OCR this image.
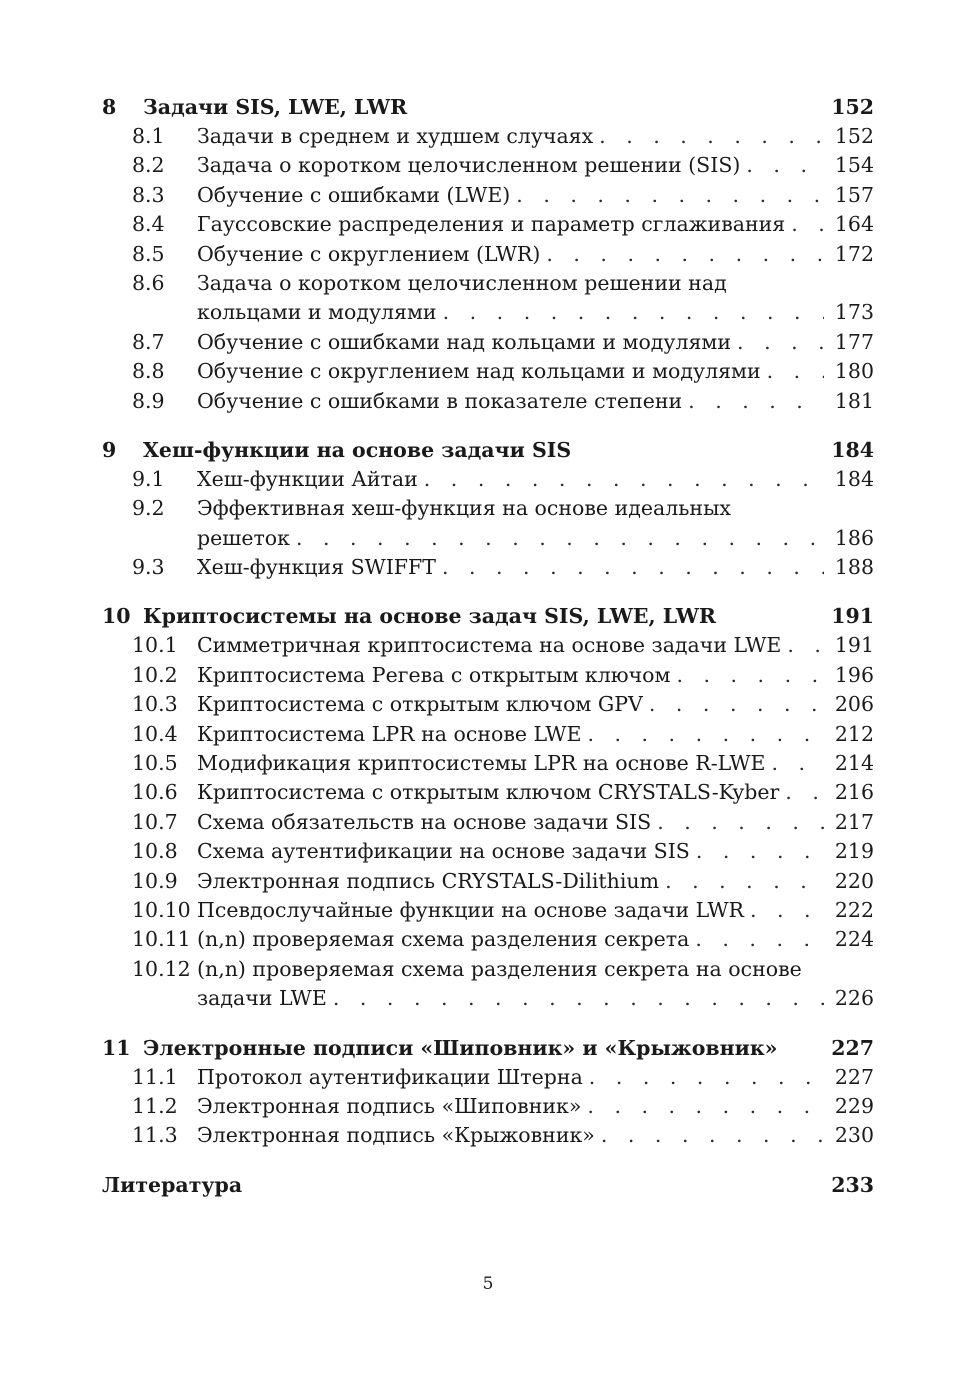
8	Задачи SIS, LWE, LWR	152
8.1	Задачи в среднем и худшем случаях . . .	152
8.2	Задача о коротком целочисленном решении (SIS) . . .	154
8.3	Обучение с ошибками (LWE) . . .	157
8.4	Гауссовские распределения и параметр сглаживания . . .	164
8.5	Обучение с округлением (LWR) . . .	172
8.6	Задача о коротком целочисленном решении над
кольцами и модулями . . .	173
8.7	Обучение с ошибками над кольцами и модулями . . .	177
8.8	Обучение с округлением над кольцами и модулями . . .	180
8.9	Обучение с ошибками в показателе степени . . .	181
9	Хеш-функции на основе задачи SIS	184
9.1	Хеш-функции Айтаи . . .	184
9.2	Эффективная хеш-функция на основе идеальных
решеток . . .	186
9.3	Хеш-функция SWIFFT . . .	188
10 Криптосистемы на основе задач SIS, LWE, LWR	191
10.1 Симметричная криптосистема на основе задачи LWE . . .	191
10.2 Криптосистема Регева с открытым ключом . . .	196
10.3 Криптосистема с открытым ключом GPV . . .	206
10.4 Криптосистема LPR на основе LWE . . .	212
10.5 Модификация криптосистемы LPR на основе R-LWE . . .	214
10.6 Криптосистема с открытым ключом CRYSTALS-Kyber . . .	216
10.7 Схема обязательств на основе задачи SIS . . .	217
10.8 Схема аутентификации на основе задачи SIS . . .	219
10.9 Электронная подпись CRYSTALS-Dilithium . . .	220
10.10 Псевдослучайные функции на основе задачи LWR . . .	222
10.11 (n,n) проверяемая схема разделения секрета . . .	224
10.12 (n,n) проверяемая схема разделения секрета на основе
задачи LWE . . .	226
11 Электронные подписи «Шиповник» и «Крыжовник»	227
11.1 Протокол аутентификации Штерна . . .	227
11.2 Электронная подпись «Шиповник» . . .	229
11.3 Электронная подпись «Крыжовник» . . .	230
Литература	233
5
